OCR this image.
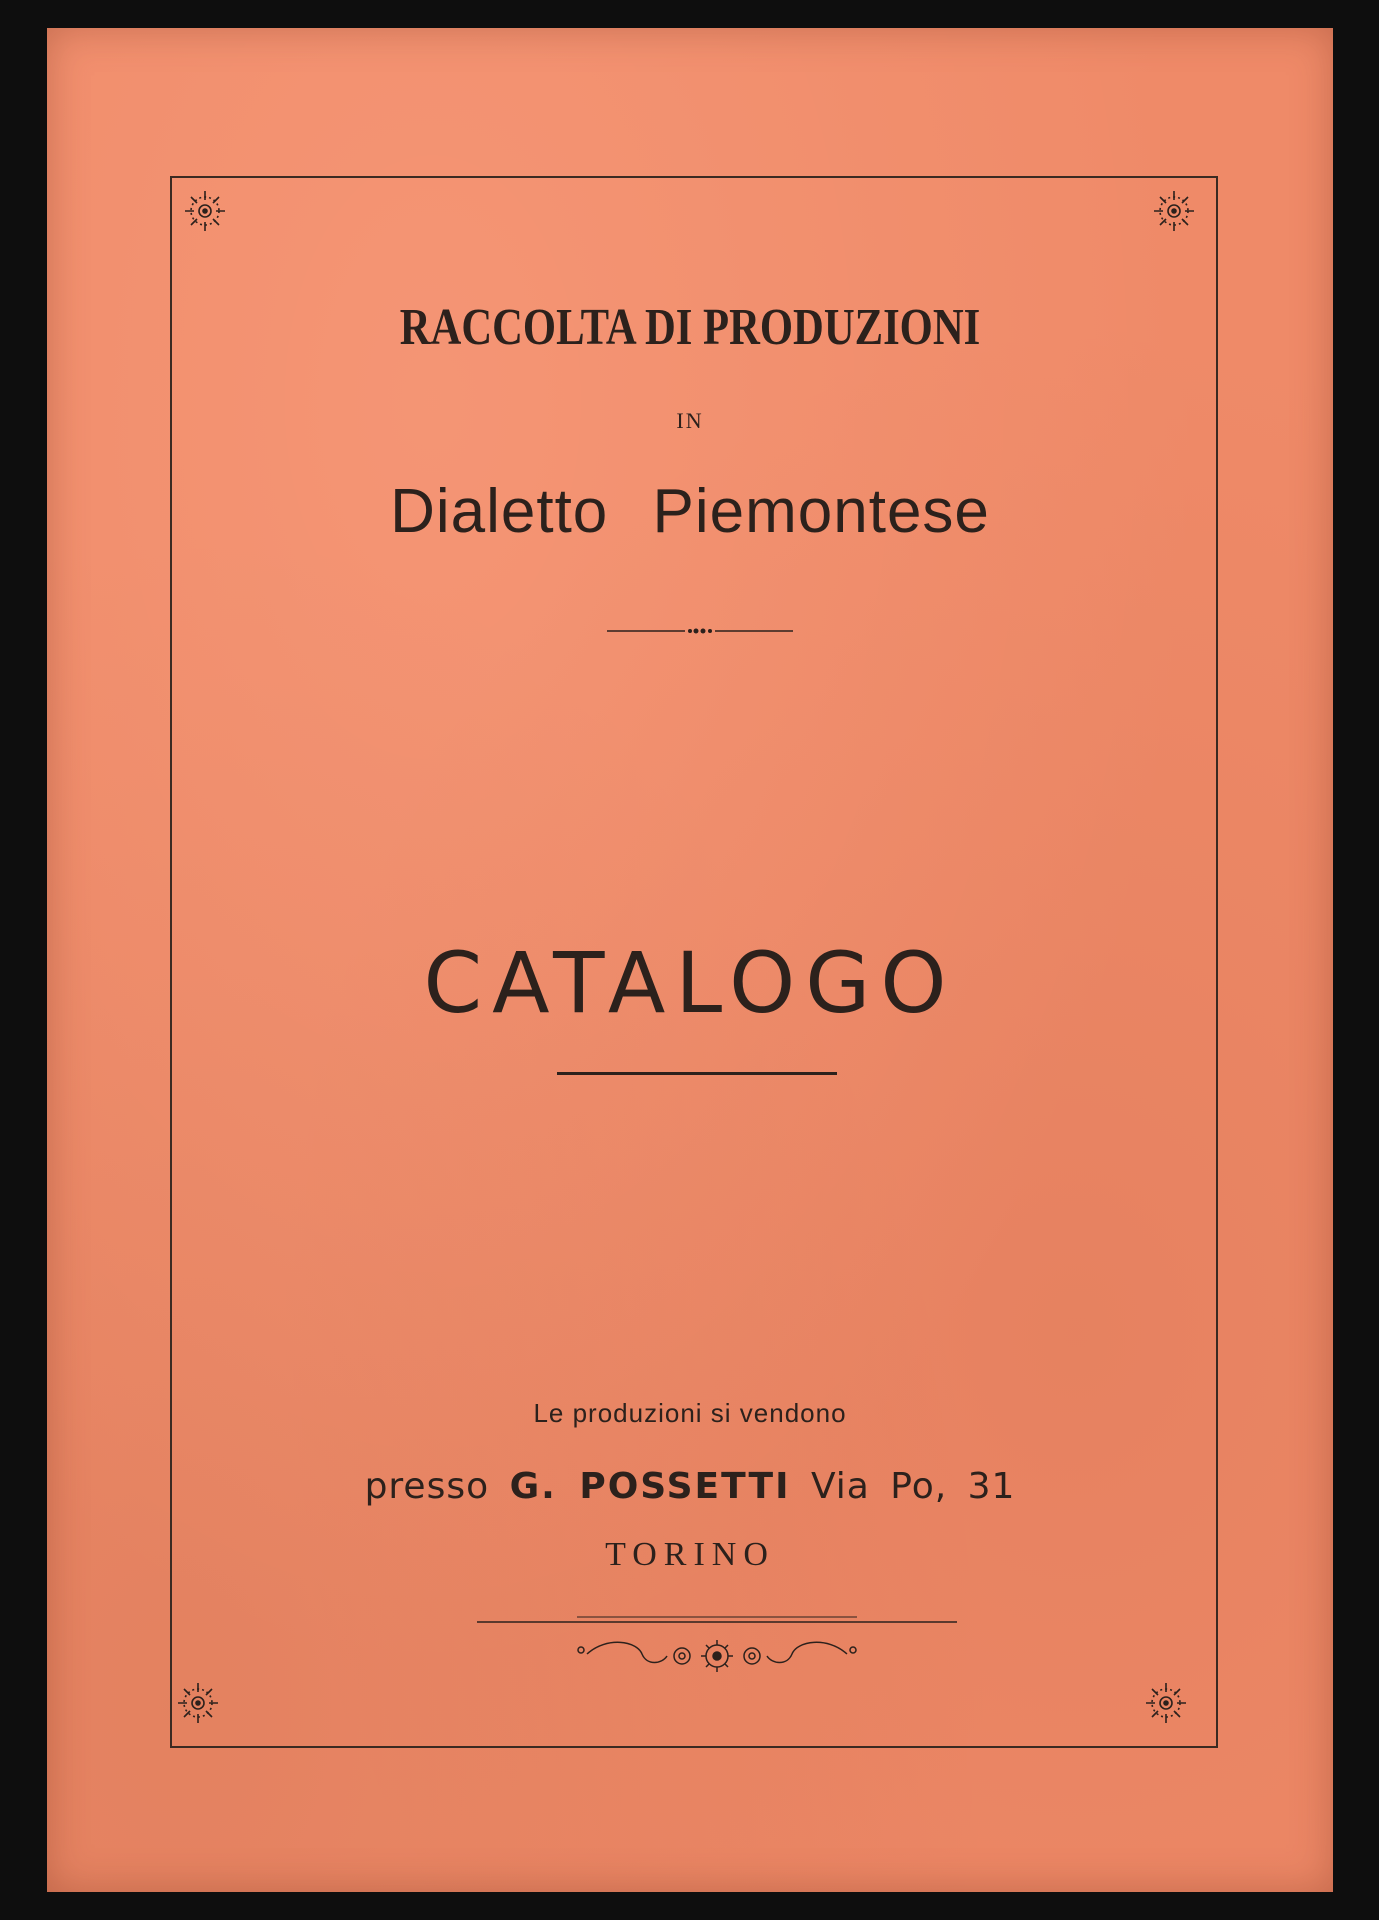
RACCOLTA DI PRODUZIONI

IN

Dialetto Piemontese
CATALOGO

Le produzioni si vendono

presso G. POSSETTI Via Po, 31

TORINO
